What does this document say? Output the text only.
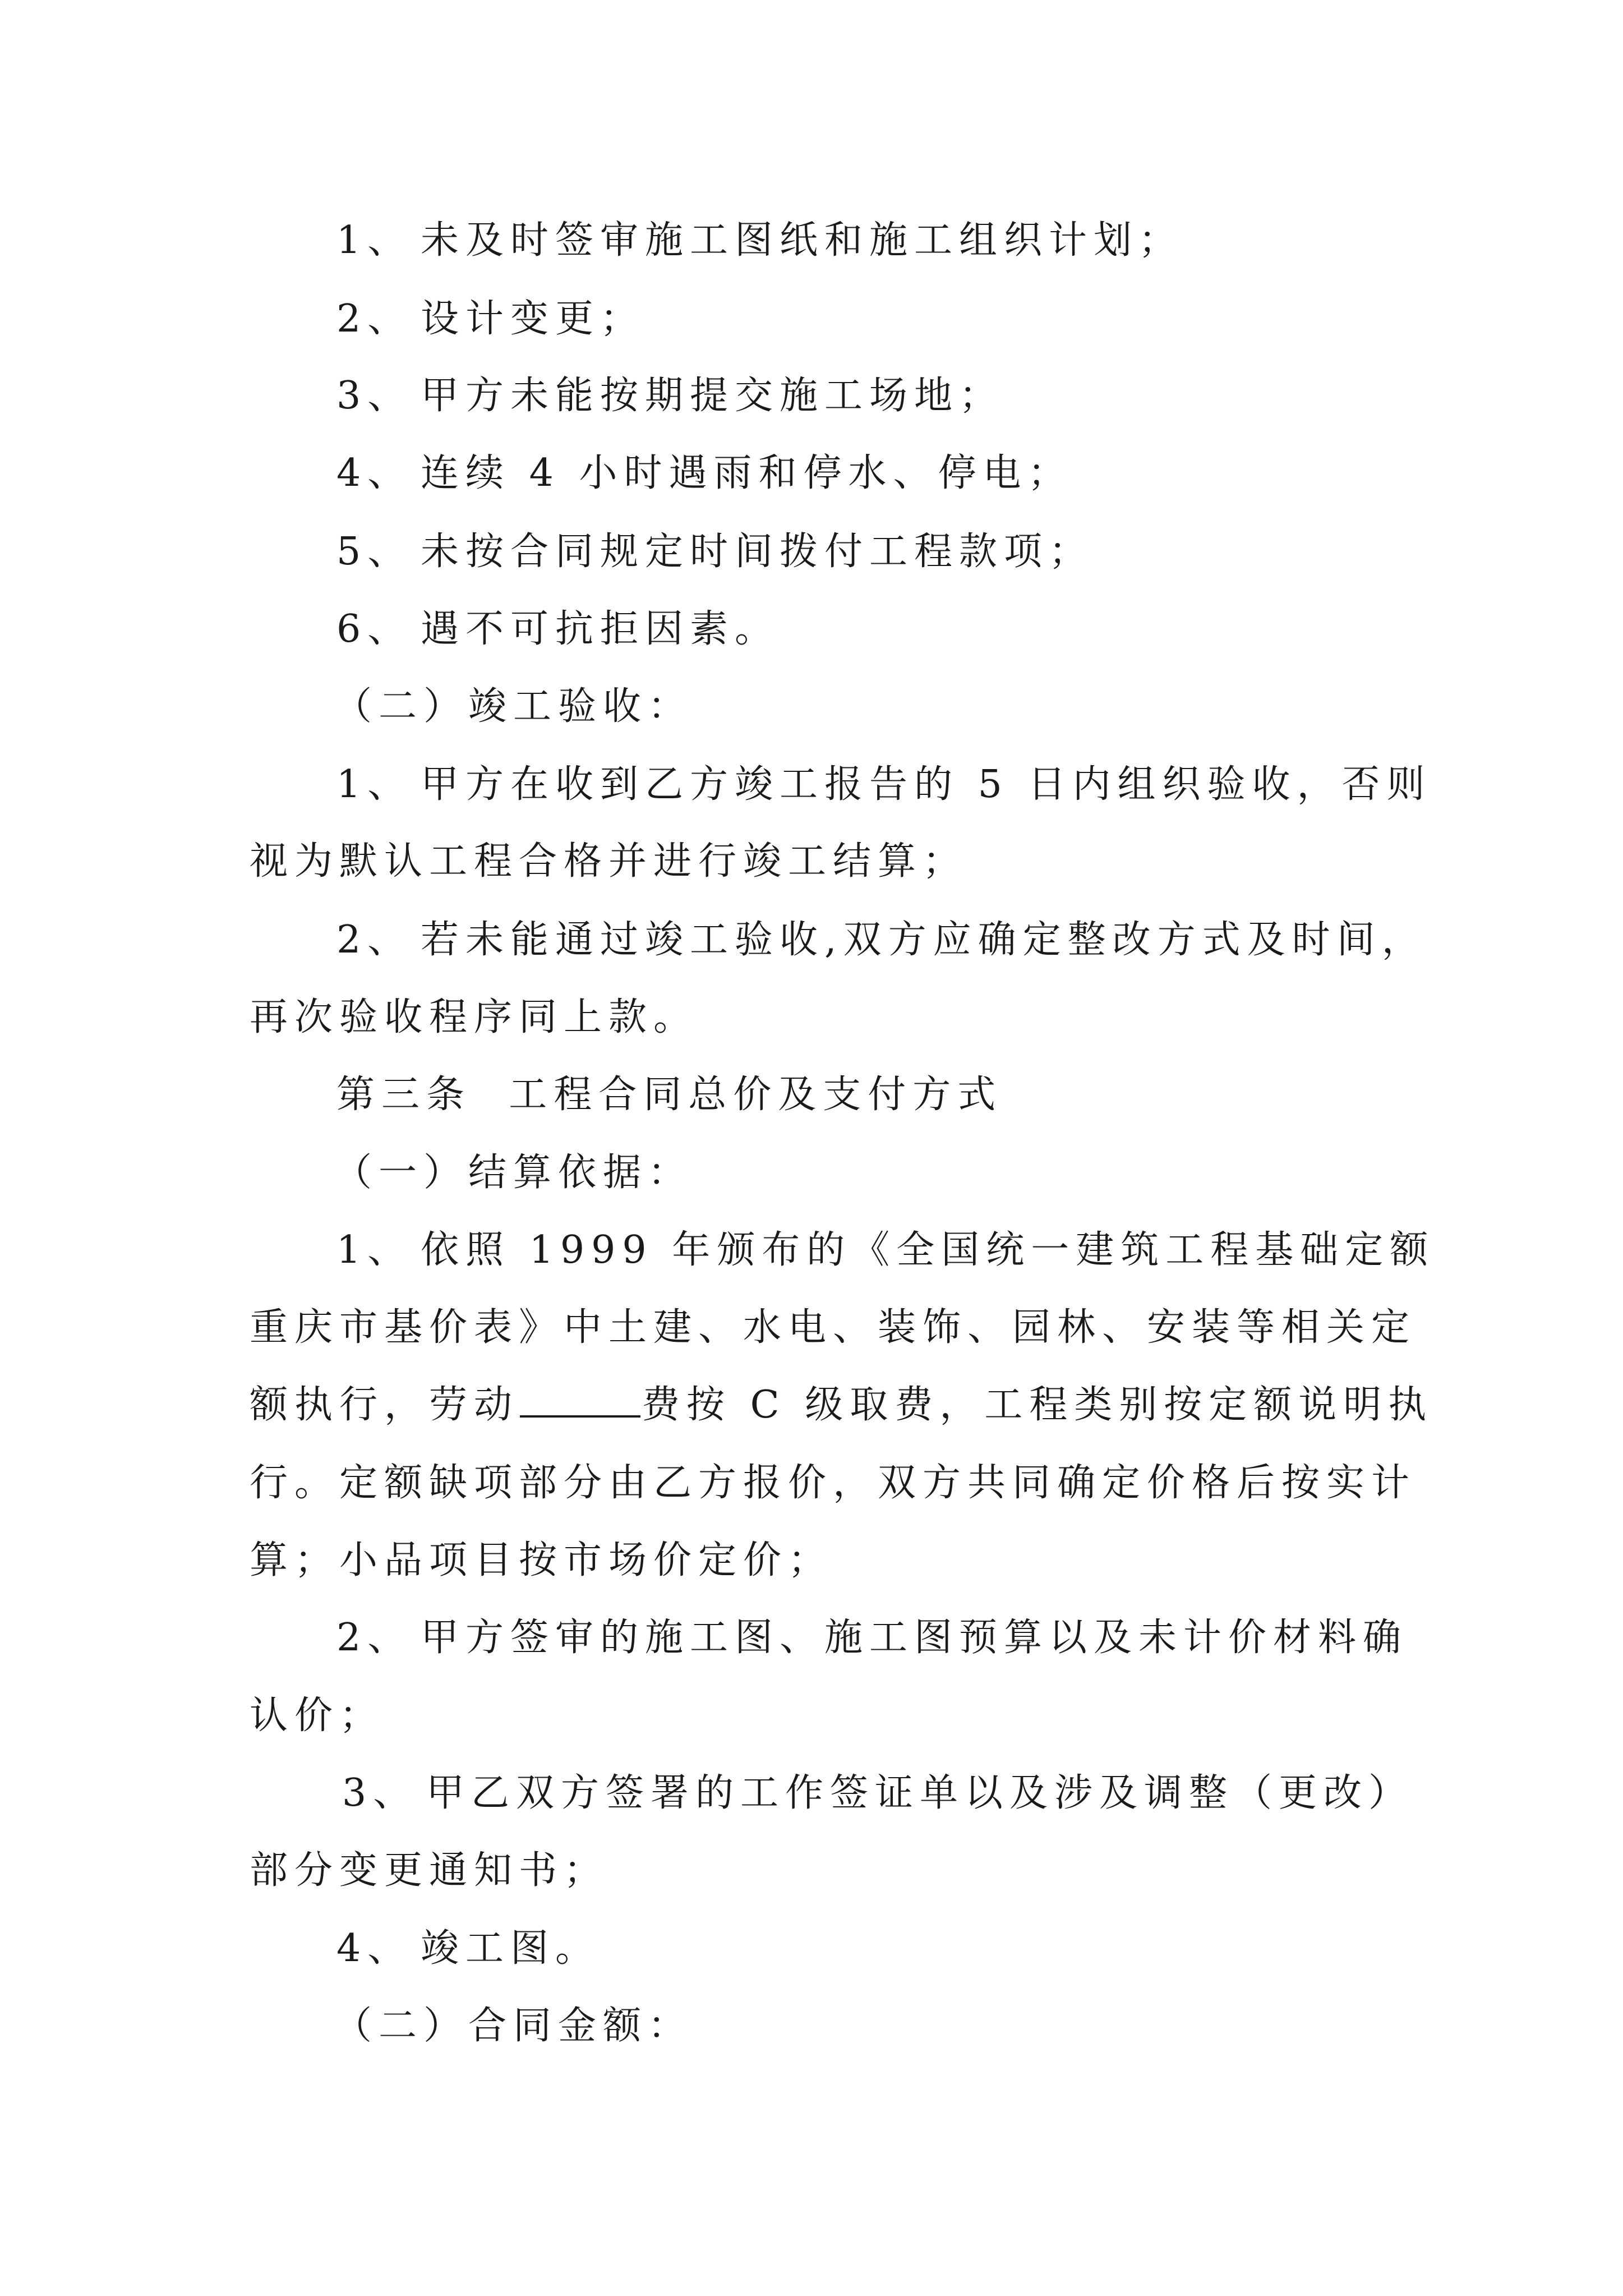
1、 未及时签审施工图纸和施工组织计划；
2、 设计变更；
3、 甲方未能按期提交施工场地；
4、 连续 4 小时遇雨和停水、停电；
5、 未按合同规定时间拨付工程款项；
6、 遇不可抗拒因素。
（二）竣工验收：
1、 甲方在收到乙方竣工报告的 5 日内组织验收，否则
视为默认工程合格并进行竣工结算；
2、 若未能通过竣工验收,双方应确定整改方式及时间，
再次验收程序同上款。
第三条  工程合同总价及支付方式
（一）结算依据：
1、 依照 1999 年颁布的《全国统一建筑工程基础定额
重庆市基价表》中土建、水电、装饰、园林、安装等相关定
额执行，劳动	费按 C 级取费，工程类别按定额说明执
行。定额缺项部分由乙方报价，双方共同确定价格后按实计
算；小品项目按市场价定价；
2、 甲方签审的施工图、施工图预算以及未计价材料确
认价；
3、 甲乙双方签署的工作签证单以及涉及调整（更改）
部分变更通知书；
4、 竣工图。
（二）合同金额：
